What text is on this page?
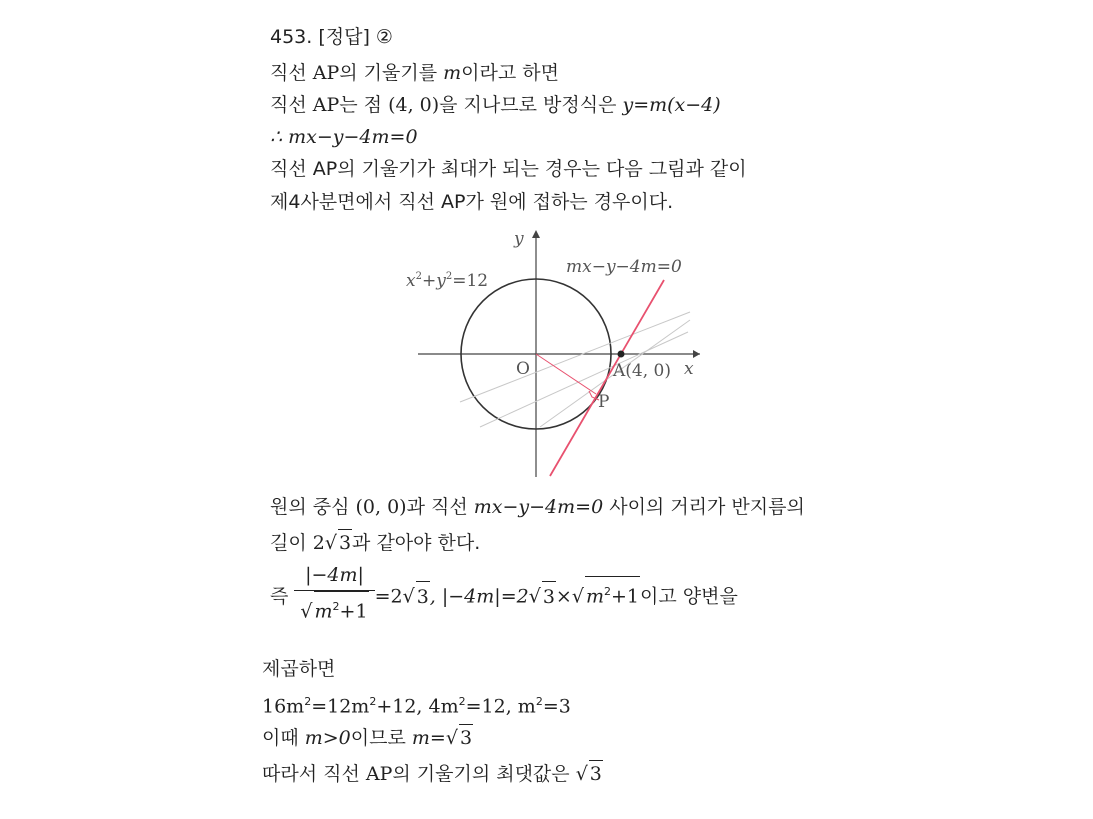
453. [정답] ②
직선 AP의 기울기를 m이라고 하면
직선 AP는 점 (4, 0)을 지나므로 방정식은 y=m(x−4)
∴ mx−y−4m=0
직선 AP의 기울기가 최대가 되는 경우는 다음 그림과 같이
제4사분면에서 직선 AP가 원에 접하는 경우이다.
$x^2+y^2=12$
mx−y−4m=0
y
x
O	A(4, 0)
P
원의 중심 (0, 0)과 직선 mx−y−4m=0 사이의 거리가 반지름의
길이 2√ 3과 같아야 한다.
즉 $\frac{|-4m|}{√ m^2+1} =2√$ 3, |−4m|=2√ 3×√ $m^2+1$이고 양변을
제곱하면
$16m^2=12m^2+12$, $4m^2=12$, $m^2=3$
이때 m>0이므로 m=√ 3
따라서 직선 AP의 기울기의 최댓값은 √ 3
